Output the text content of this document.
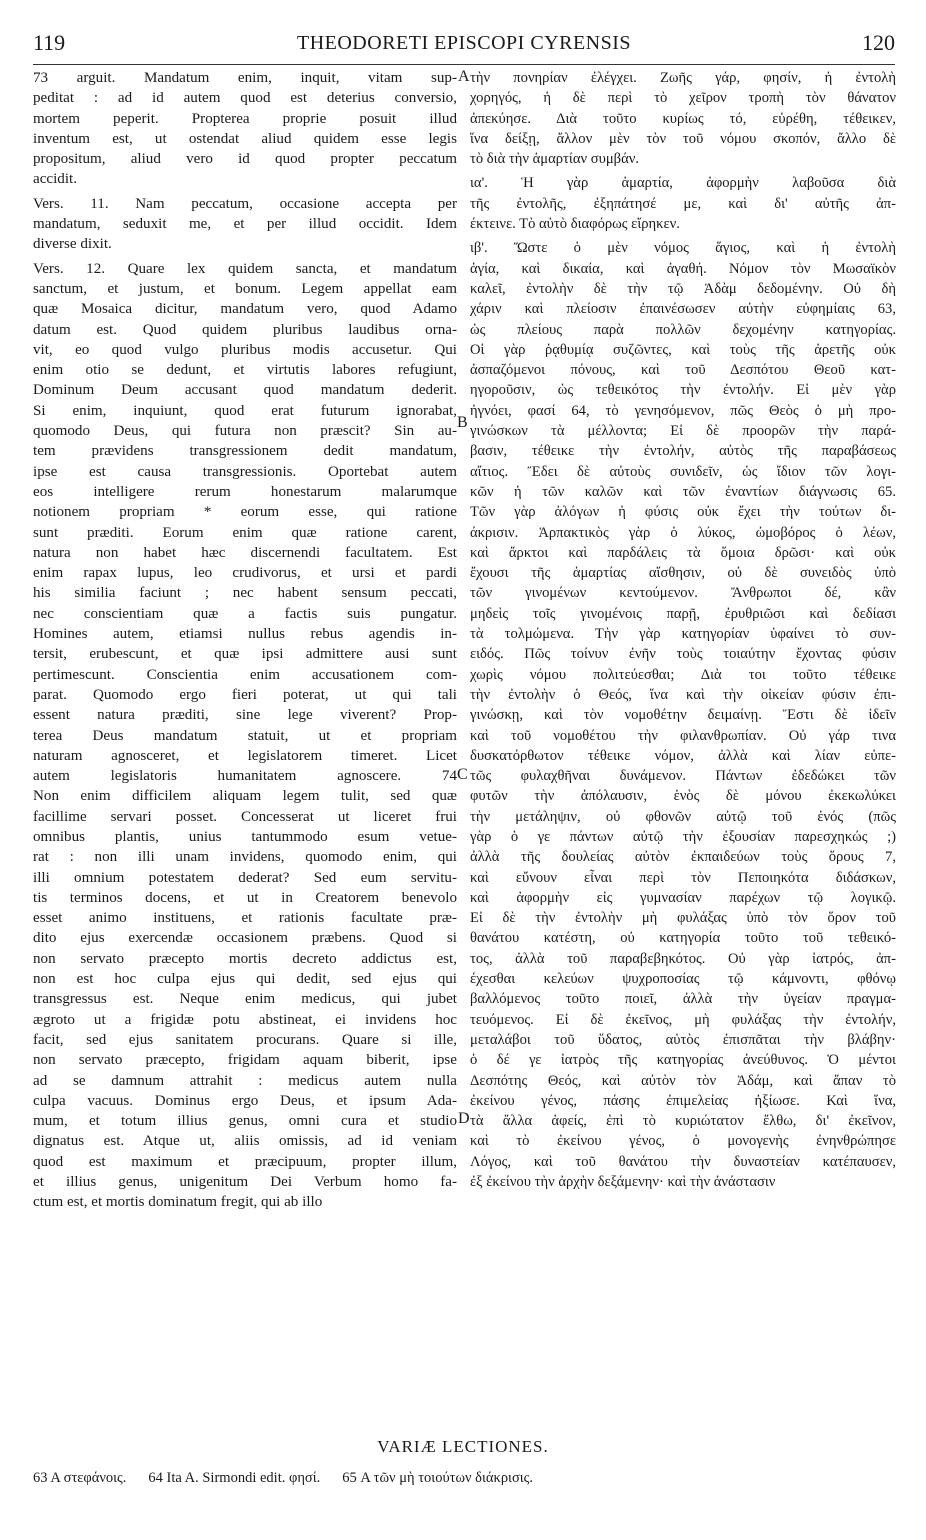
119	THEODORETI EPISCOPI CYRENSIS	120
73 arguit. Mandatum enim, inquit, vitam sup-
peditat : ad id autem quod est deterius conversio,
mortem peperit. Propterea proprie posuit illud
inventum est, ut ostendat aliud quidem esse legis
propositum, aliud vero id quod propter peccatum
accidit.
Vers. 11. Nam peccatum, occasione accepta per
mandatum, seduxit me, et per illud occidit. Idem
diverse dixit.
Vers. 12. Quare lex quidem sancta, et mandatum
sanctum, et justum, et bonum. Legem appellat eam
quæ Mosaica dicitur, mandatum vero, quod Adamo
datum est. Quod quidem pluribus laudibus orna-
vit, eo quod vulgo pluribus modis accusetur. Qui
enim otio se dedunt, et virtutis labores refugiunt,
Dominum Deum accusant quod mandatum dederit.
Si enim, inquiunt, quod erat futurum ignorabat,
quomodo Deus, qui futura non præscit? Sin au-
tem prævidens transgressionem dedit mandatum,
ipse est causa transgressionis. Oportebat autem
eos intelligere rerum honestarum malarumque
notionem propriam * eorum esse, qui ratione
sunt præditi. Eorum enim quæ ratione carent,
natura non habet hæc discernendi facultatem. Est
enim rapax lupus, leo crudivorus, et ursi et pardi
his similia faciunt ; nec habent sensum peccati,
nec conscientiam quæ a factis suis pungatur.
Homines autem, etiamsi nullus rebus agendis in-
tersit, erubescunt, et quæ ipsi admittere ausi sunt
pertimescunt. Conscientia enim accusationem com-
parat. Quomodo ergo fieri poterat, ut qui tali
essent natura præditi, sine lege viverent? Prop-
terea Deus mandatum statuit, ut et propriam
naturam agnosceret, et legislatorem timeret. Licet
autem legislatoris humanitatem agnoscere. 74
Non enim difficilem aliquam legem tulit, sed quæ
facillime servari posset. Concesserat ut liceret frui
omnibus plantis, unius tantummodo esum vetue-
rat : non illi unam invidens, quomodo enim, qui
illi omnium potestatem dederat? Sed eum servitu-
tis terminos docens, et ut in Creatorem benevolo
esset animo instituens, et rationis facultate præ-
dito ejus exercendæ occasionem præbens. Quod si
non servato præcepto mortis decreto addictus est,
non est hoc culpa ejus qui dedit, sed ejus qui
transgressus est. Neque enim medicus, qui jubet
ægroto ut a frigidæ potu abstineat, ei invidens hoc
facit, sed ejus sanitatem procurans. Quare si ille,
non servato præcepto, frigidam aquam biberit, ipse
ad se damnum attrahit : medicus autem nulla
culpa vacuus. Dominus ergo Deus, et ipsum Ada-
mum, et totum illius genus, omni cura et studio
dignatus est. Atque ut, aliis omissis, ad id veniam
quod est maximum et præcipuum, propter illum,
et illius genus, unigenitum Dei Verbum homo fa-
ctum est, et mortis dominatum fregit, qui ab illo
τὴν πονηρίαν ἐλέγχει. Ζωῆς γάρ, φησίν, ἡ ἐντολὴ
χορηγός, ἡ δὲ περὶ τὸ χεῖρον τροπὴ τὸν θάνατον
ἀπεκύησε. Διὰ τοῦτο κυρίως τό, εὑρέθη, τέθεικεν,
ἵνα δείξῃ, ἄλλον μὲν τὸν τοῦ νόμου σκοπόν, ἄλλο δὲ
τὸ διὰ τὴν ἁμαρτίαν συμβάν.
ια'. Ἡ γὰρ ἁμαρτία, ἀφορμὴν λαβοῦσα διὰ
τῆς ἐντολῆς, ἐξηπάτησέ με, καὶ δι' αὐτῆς ἀπ-
έκτεινε. Τὸ αὐτὸ διαφόρως εἴρηκεν.
ιβ'. Ὥστε ὁ μὲν νόμος ἅγιος, καὶ ἡ ἐντολὴ
ἁγία, καὶ δικαία, καὶ ἀγαθή. Νόμον τὸν Μωσαϊκὸν
καλεῖ, ἐντολὴν δὲ τὴν τῷ Ἀδὰμ δεδομένην. Οὐ δὴ
χάριν καὶ πλείοσιν ἐπαινέσωσεν αὐτὴν εὐφημίαις 63,
ὡς πλείους παρὰ πολλῶν δεχομένην κατηγορίας.
Οἱ γὰρ ῥᾳθυμίᾳ συζῶντες, καὶ τοὺς τῆς ἀρετῆς οὐκ
ἀσπαζόμενοι πόνους, καὶ τοῦ Δεσπότου Θεοῦ κατ-
ηγοροῦσιν, ὡς τεθεικότος τὴν ἐντολήν. Εἰ μὲν γὰρ
ἠγνόει, φασί 64, τὸ γενησόμενον, πῶς Θεὸς ὁ μὴ προ-
γινώσκων τὰ μέλλοντα; Εἰ δὲ προορῶν τὴν παρά-
βασιν, τέθεικε τὴν ἐντολήν, αὐτὸς τῆς παραβάσεως
αἴτιος. Ἔδει δὲ αὐτοὺς συνιδεῖν, ὡς ἴδιον τῶν λογι-
κῶν ἡ τῶν καλῶν καὶ τῶν ἐναντίων διάγνωσις 65.
Τῶν γὰρ ἀλόγων ἡ φύσις οὐκ ἔχει τὴν τούτων δι-
άκρισιν. Ἁρπακτικὸς γὰρ ὁ λύκος, ὠμοβόρος ὁ λέων,
καὶ ἄρκτοι καὶ παρδάλεις τὰ ὅμοια δρῶσι· καὶ οὐκ
ἔχουσι τῆς ἁμαρτίας αἴσθησιν, οὐ δὲ συνειδὸς ὑπὸ
τῶν γινομένων κεντούμενον. Ἄνθρωποι δέ, κἂν
μηδεὶς τοῖς γινομένοις παρῇ, ἐρυθριῶσι καὶ δεδίασι
τὰ τολμώμενα. Τὴν γὰρ κατηγορίαν ὑφαίνει τὸ συν-
ειδός. Πῶς τοίνυν ἐνῆν τοὺς τοιαύτην ἔχοντας φύσιν
χωρὶς νόμου πολιτεύεσθαι; Διὰ τοι τοῦτο τέθεικε
τὴν ἐντολὴν ὁ Θεός, ἵνα καὶ τὴν οἰκείαν φύσιν ἐπι-
γινώσκῃ, καὶ τὸν νομοθέτην δειμαίνῃ. Ἔστι δὲ ἰδεῖν
καὶ τοῦ νομοθέτου τὴν φιλανθρωπίαν. Οὐ γάρ τινα
δυσκατόρθωτον τέθεικε νόμον, ἀλλὰ καὶ λίαν εὐπε-
τῶς φυλαχθῆναι δυνάμενον. Πάντων ἐδεδώκει τῶν
φυτῶν τὴν ἀπόλαυσιν, ἑνὸς δὲ μόνου ἐκεκωλύκει
τὴν μετάληψιν, οὐ φθονῶν αὐτῷ τοῦ ἑνός (πῶς
γὰρ ὁ γε πάντων αὐτῷ τὴν ἐξουσίαν παρεσχηκώς ;)
ἀλλὰ τῆς δουλείας αὐτὸν ἐκπαιδεύων τοὺς ὅρους 7,
καὶ εὔνουν εἶναι περὶ τὸν Πεποιηκότα διδάσκων,
καὶ ἀφορμὴν εἰς γυμνασίαν παρέχων τῷ λογικῷ.
Εἰ δὲ τὴν ἐντολὴν μὴ φυλάξας ὑπὸ τὸν ὅρον τοῦ
θανάτου κατέστη, οὐ κατηγορία τοῦτο τοῦ τεθεικό-
τος, ἀλλὰ τοῦ παραβεβηκότος. Οὐ γὰρ ἰατρός, ἀπ-
έχεσθαι κελεύων ψυχροποσίας τῷ κάμνοντι, φθόνῳ
βαλλόμενος τοῦτο ποιεῖ, ἀλλὰ τὴν ὑγείαν πραγμα-
τευόμενος. Εἰ δὲ ἐκεῖνος, μὴ φυλάξας τὴν ἐντολήν,
μεταλάβοι τοῦ ὕδατος, αὐτὸς ἐπισπᾶται τὴν βλάβην·
ὁ δέ γε ἰατρὸς τῆς κατηγορίας ἀνεύθυνος. Ὁ μέντοι
Δεσπότης Θεός, καὶ αὐτὸν τὸν Ἀδάμ, καὶ ἅπαν τὸ
ἐκείνου γένος, πάσης ἐπιμελείας ἠξίωσε. Καὶ ἵνα,
τὰ ἄλλα ἀφείς, ἐπὶ τὸ κυριώτατον ἔλθω, δι' ἐκεῖνον,
καὶ τὸ ἐκείνου γένος, ὁ μονογενὴς ἐνηνθρώπησε
Λόγος, καὶ τοῦ θανάτου τὴν δυναστείαν κατέπαυσεν,
ἐξ ἐκείνου τὴν ἀρχὴν δεξάμενην· καὶ τὴν ἀνάστασιν
A
B
C
D
VARIÆ LECTIONES.
63 A στεφάνοις. 64 Ita A. Sirmondi edit. φησί. 65 A τῶν μὴ τοιούτων διάκρισις.
